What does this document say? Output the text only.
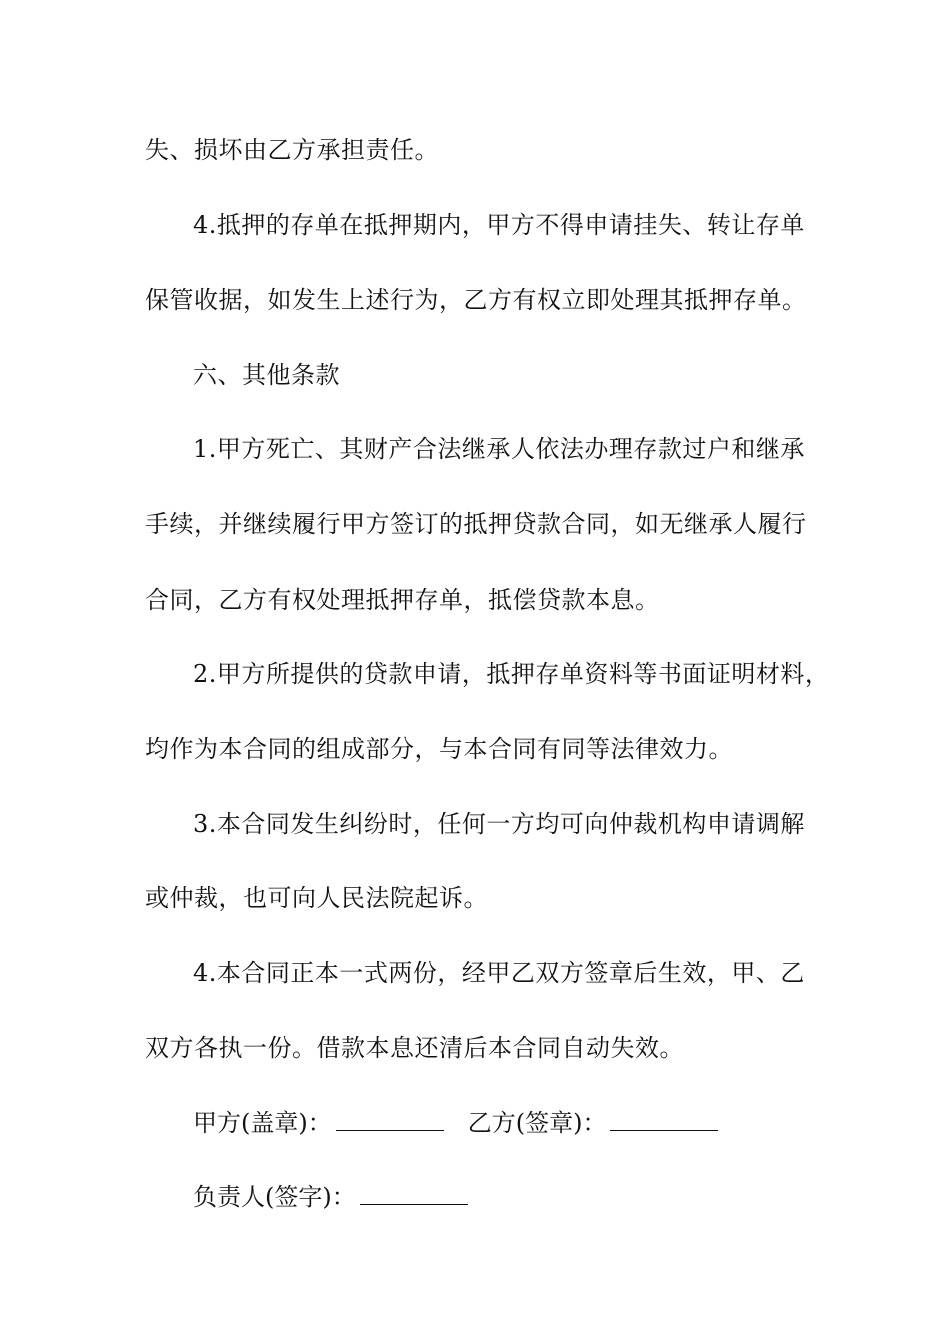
失、损坏由乙方承担责任。
4.抵押的存单在抵押期内，甲方不得申请挂失、转让存单
保管收据，如发生上述行为，乙方有权立即处理其抵押存单。
六、其他条款
1.甲方死亡、其财产合法继承人依法办理存款过户和继承
手续，并继续履行甲方签订的抵押贷款合同，如无继承人履行
合同，乙方有权处理抵押存单，抵偿贷款本息。
2.甲方所提供的贷款申请，抵押存单资料等书面证明材料，
均作为本合同的组成部分，与本合同有同等法律效力。
3.本合同发生纠纷时，任何一方均可向仲裁机构申请调解
或仲裁，也可向人民法院起诉。
4.本合同正本一式两份，经甲乙双方签章后生效，甲、乙
双方各执一份。借款本息还清后本合同自动失效。
甲方(盖章)：	乙方(签章)：
负责人(签字)：
